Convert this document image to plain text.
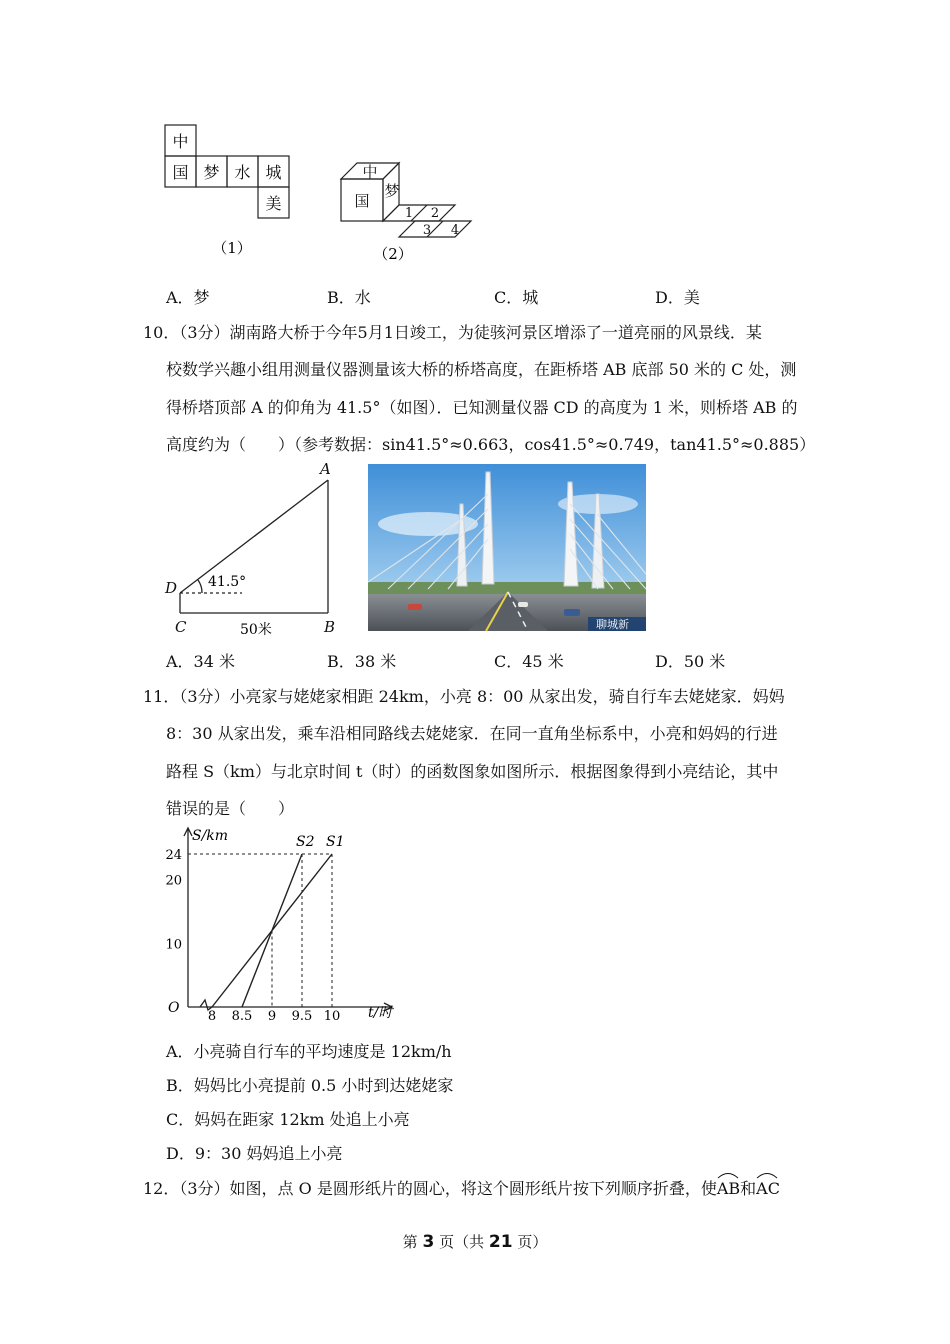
中
国 梦 水 城
美
（1）
中
国
梦
1 2
3 4
（2）
A．梦	B．水	C．城	D．美
10．（3分）湖南路大桥于今年5月1日竣工，为徒骇河景区增添了一道亮丽的风景线．某
校数学兴趣小组用测量仪器测量该大桥的桥塔高度，在距桥塔 AB 底部 50 米的 C 处，测
得桥塔顶部 A 的仰角为 41.5°（如图）．已知测量仪器 CD 的高度为 1 米，则桥塔 AB 的
高度约为（　　）（参考数据：sin41.5°≈0.663，cos41.5°≈0.749，tan41.5°≈0.885）
A
B
C
D 41.5°
50米	聊城新
A．34 米	B．38 米	C．45 米	D．50 米
11．（3分）小亮家与姥姥家相距 24km，小亮 8：00 从家出发，骑自行车去姥姥家．妈妈
8：30 从家出发，乘车沿相同路线去姥姥家．在同一直角坐标系中，小亮和妈妈的行进
路程 S（km）与北京时间 t（时）的函数图象如图所示．根据图象得到小亮结论，其中
错误的是（　　）
S/km
t/时
O
8 8.5 9 9.5 10
10
20
24
S1
S2
A．小亮骑自行车的平均速度是 12km/h
B．妈妈比小亮提前 0.5 小时到达姥姥家
C．妈妈在距家 12km 处追上小亮
D．9：30 妈妈追上小亮
12．（3分）如图，点 O 是圆形纸片的圆心，将这个圆形纸片按下列顺序折叠，使
AB和
AC
第 3 页（共 21 页）
